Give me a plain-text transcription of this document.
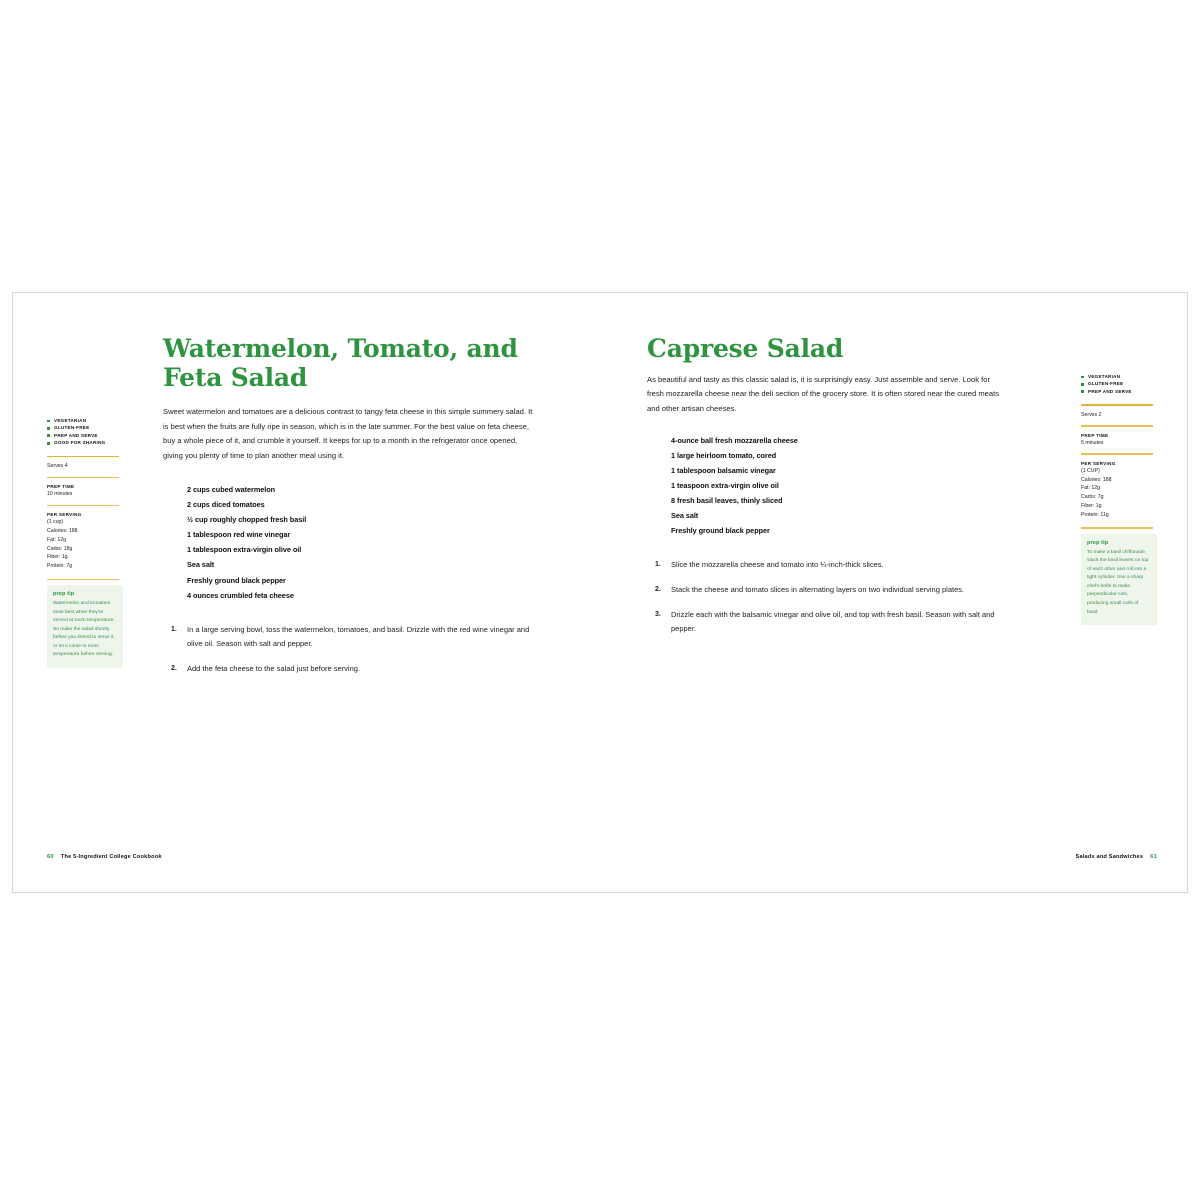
VEGETARIAN
GLUTEN-FREE
PREP AND SERVE
GOOD FOR SHARING
Serves 4
PREP TIME
10 minutes
PER SERVING
(1 cup)
Calories: 188
Fat: 12g
Carbs: 18g
Fiber: 1g
Protein: 7g
prep tip
Watermelon and tomatoes taste best when they're served at room temperature. So make the salad shortly before you intend to serve it, or let it come to room temperature before serving.
Watermelon, Tomato, and Feta Salad

Sweet watermelon and tomatoes are a delicious contrast to tangy feta cheese in this simple summery salad. It is best when the fruits are fully ripe in season, which is in the late summer. For the best value on feta cheese, buy a whole piece of it, and crumble it yourself. It keeps for up to a month in the refrigerator once opened, giving you plenty of time to plan another meal using it.

2 cups cubed watermelon
2 cups diced tomatoes
½ cup roughly chopped fresh basil
1 tablespoon red wine vinegar
1 tablespoon extra-virgin olive oil
Sea salt
Freshly ground black pepper
4 ounces crumbled feta cheese
In a large serving bowl, toss the watermelon, tomatoes, and basil. Drizzle with the red wine vinegar and olive oil. Season with salt and pepper.
Add the feta cheese to the salad just before serving.
60 The 5-Ingredient College Cookbook
Caprese Salad

As beautiful and tasty as this classic salad is, it is surprisingly easy. Just assemble and serve. Look for fresh mozzarella cheese near the deli section of the grocery store. It is often stored near the cured meats and other artisan cheeses.

4-ounce ball fresh mozzarella cheese
1 large heirloom tomato, cored
1 tablespoon balsamic vinegar
1 teaspoon extra-virgin olive oil
8 fresh basil leaves, thinly sliced
Sea salt
Freshly ground black pepper
Slice the mozzarella cheese and tomato into ¼-inch-thick slices.
Stack the cheese and tomato slices in alternating layers on two individual serving plates.
Drizzle each with the balsamic vinegar and olive oil, and top with fresh basil. Season with salt and pepper.
VEGETARIAN
GLUTEN-FREE
PREP AND SERVE
Serves 2
PREP TIME
5 minutes
PER SERVING
(1 CUP)
Calories: 188
Fat: 12g
Carbs: 7g
Fiber: 1g
Protein: 11g
prep tip
To make a basil chiffonade, stack the basil leaves on top of each other and roll into a tight cylinder. Use a sharp chef's knife to make perpendicular cuts, producing small curls of basil.
Salads and Sandwiches 61
